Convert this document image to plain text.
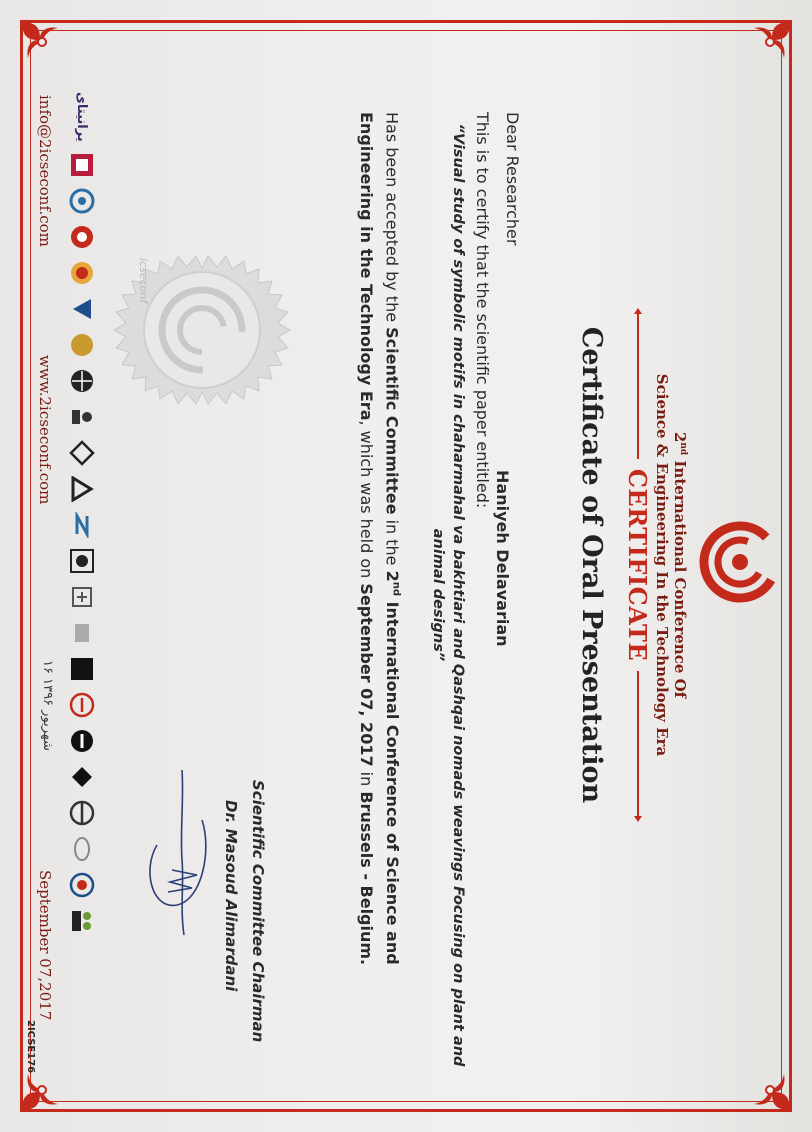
2nd International Conference Of
Science & Engineering In the Technology Era
CERTIFICATE
Certificate of Oral Presentation
Dear Researcher
Haniyeh Delavarian
This is to certify that the scientific paper entitled:
“Visual study of symbolic motifs in chaharmahal va bakhtiari and Qashqai nomads weavings Focusing on plant and
animal designs”
Has been accepted by the Scientific Committee in the 2nd International Conference of Science and
Engineering in the Technology Era, which was held on September 07, 2017 in Brussels - Belgium.
icseconf
Scientific Committee Chairman
Dr. Masoud Alimardani
یرانیتای
info@2icseconf.com
www.2icseconf.com
۱۶ شهریور ۱۳۹۶
September 07,2017
2ICSE176
